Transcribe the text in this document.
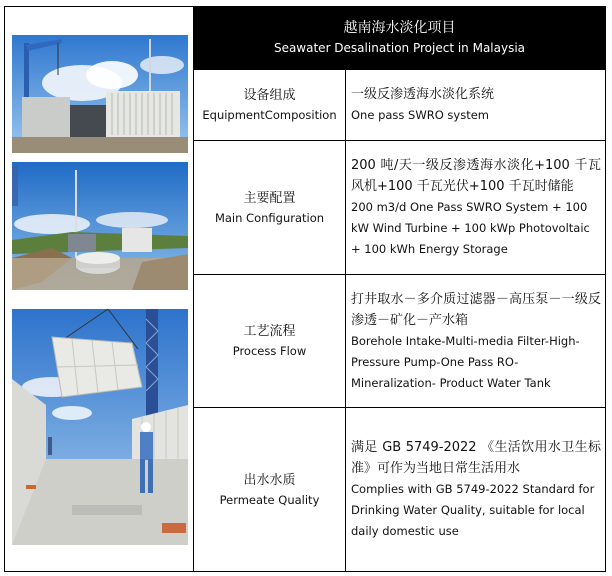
越南海水淡化项目
Seawater Desalination Project in Malaysia
设备组成
EquipmentComposition
一级反渗透海水淡化系统
One pass SWRO system
主要配置
Main Configuration
200 吨/天一级反渗透海水淡化+100 千瓦风机+100 千瓦光伏+100 千瓦时储能
200 m3/d One Pass SWRO System + 100 kW Wind Turbine + 100 kWp Photovoltaic + 100 kWh Energy Storage
工艺流程
Process Flow
打井取水－多介质过滤器－高压泵－一级反渗透－矿化－产水箱
Borehole Intake-Multi-media Filter-High-Pressure Pump-One Pass RO-Mineralization- Product Water Tank
出水水质
Permeate Quality
满足 GB 5749-2022 《生活饮用水卫生标准》可作为当地日常生活用水
Complies with GB 5749-2022 Standard for Drinking Water Quality, suitable for local daily domestic use
